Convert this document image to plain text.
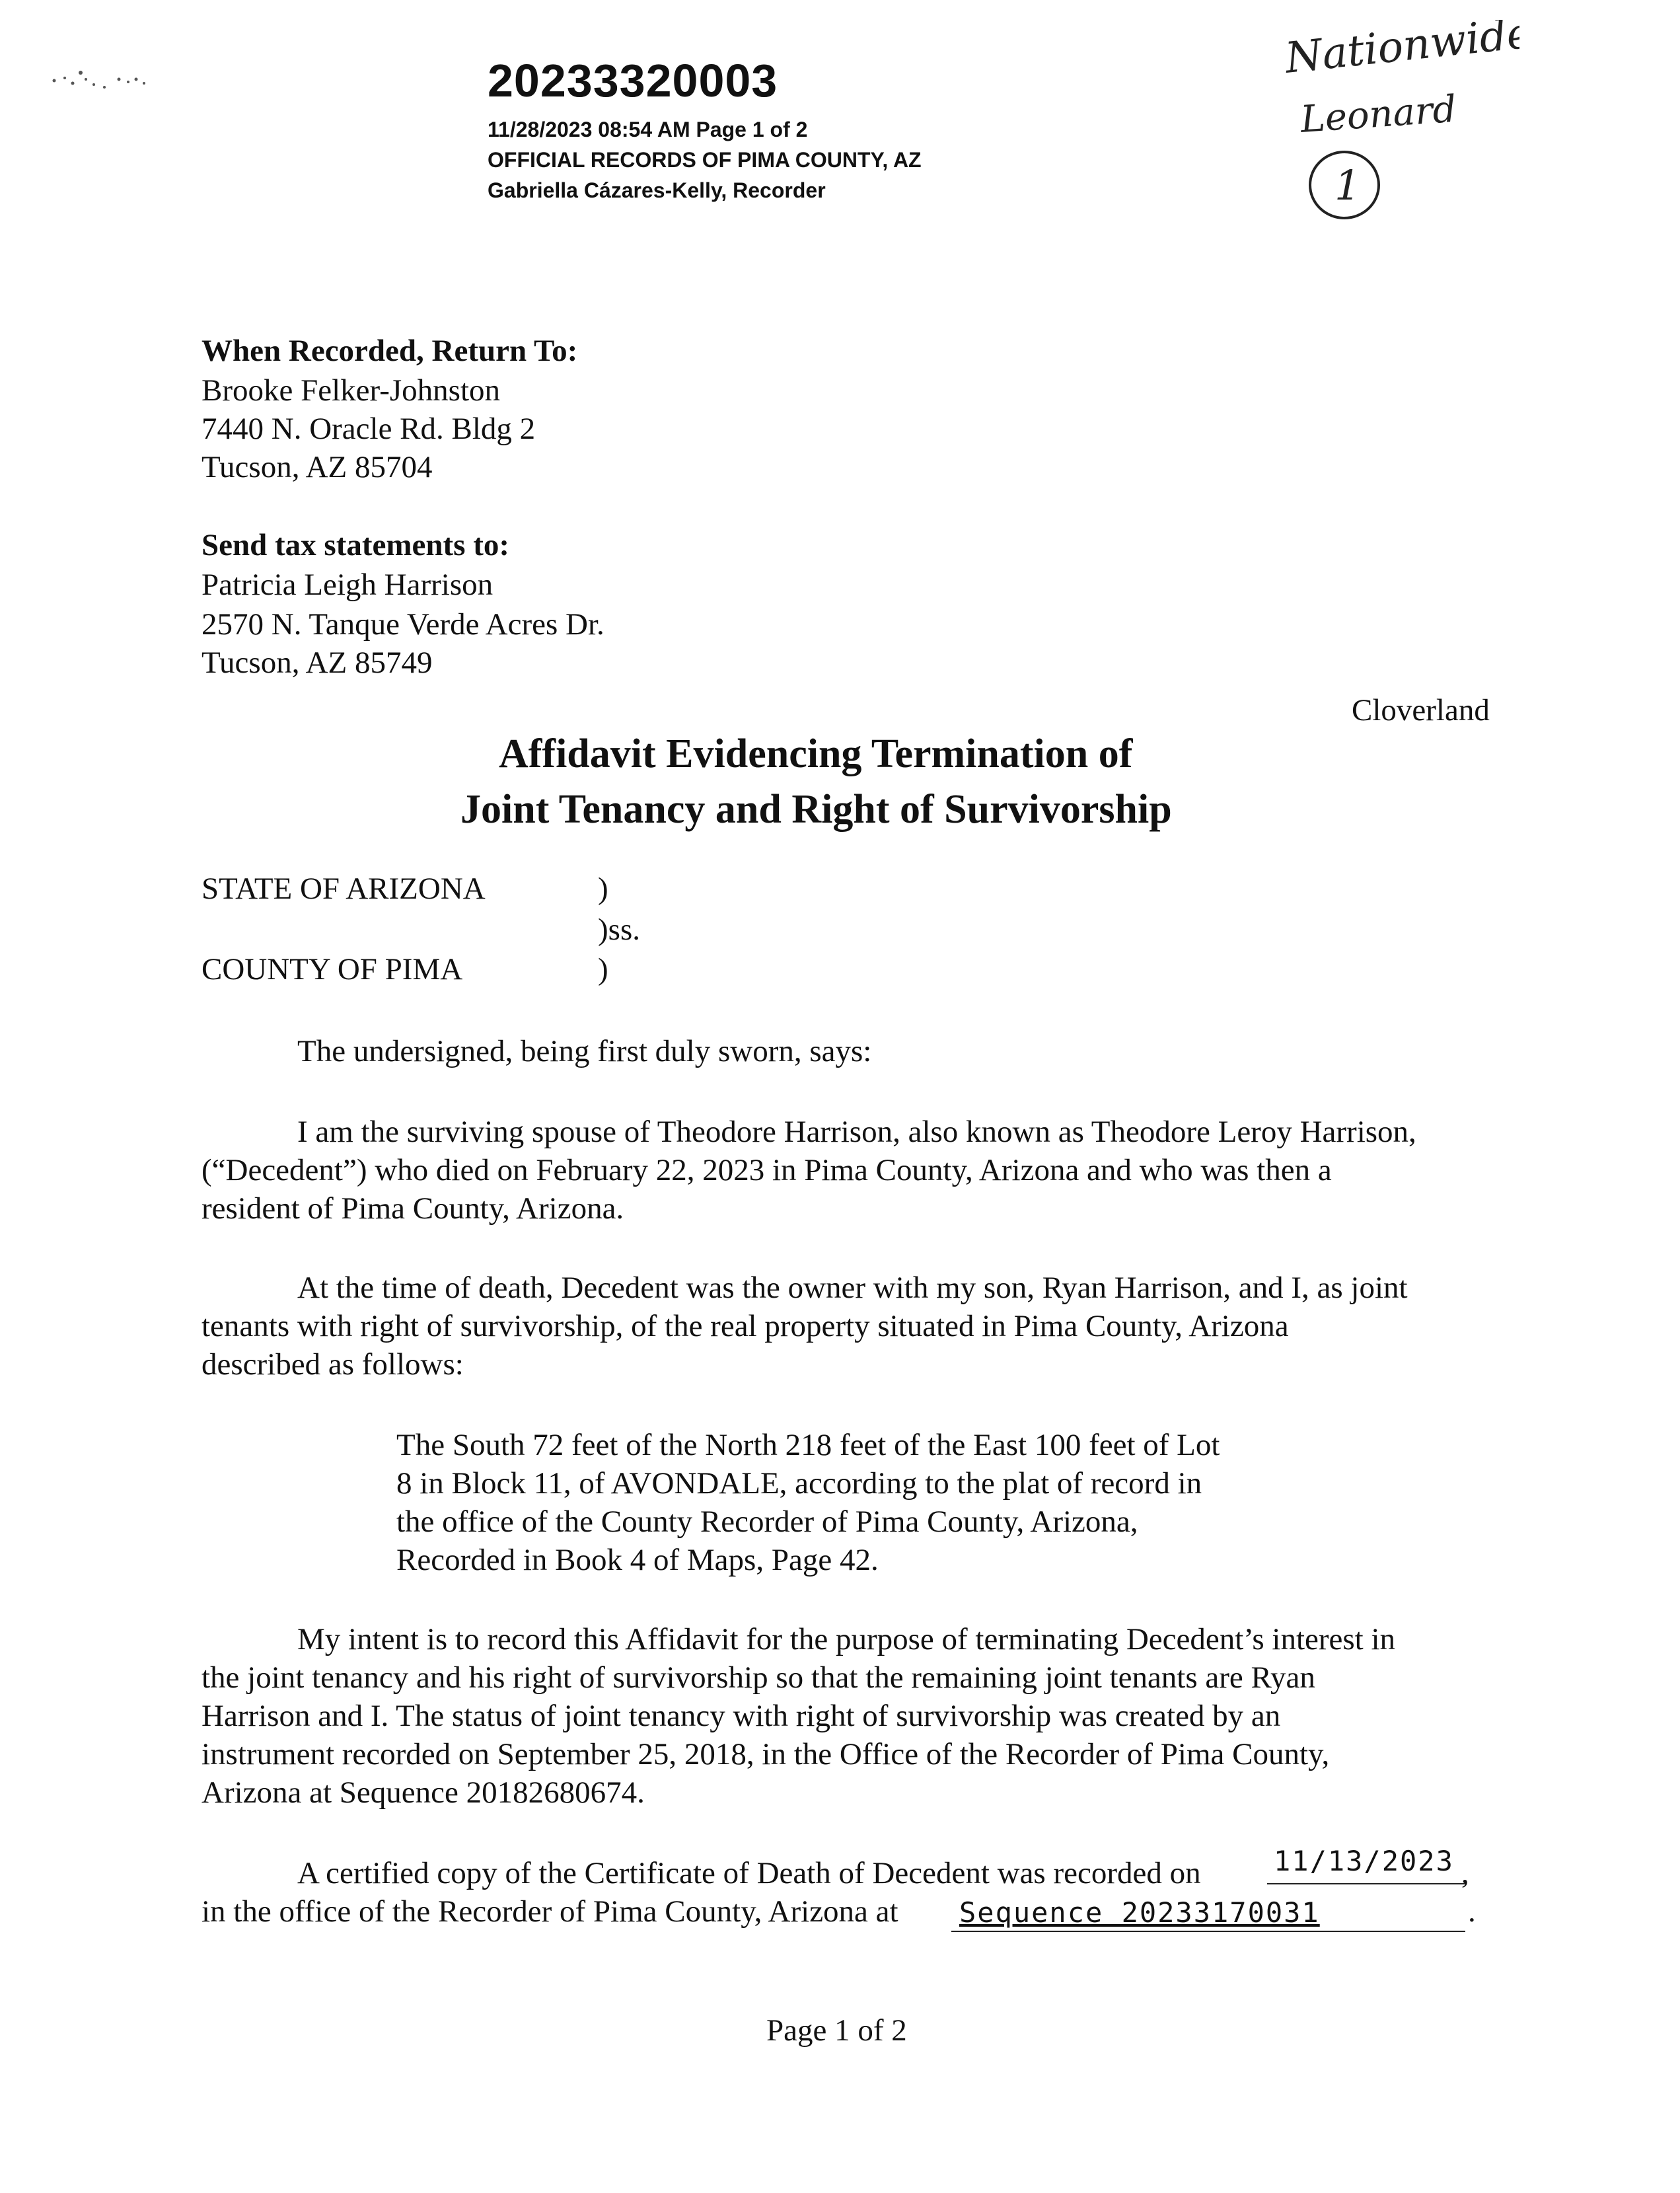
20233320003
11/28/2023 08:54 AM Page 1 of 2
OFFICIAL RECORDS OF PIMA COUNTY, AZ
Gabriella Cázares-Kelly, Recorder
Nationwide
Leonard
1
When Recorded, Return To:
Brooke Felker-Johnston
7440 N. Oracle Rd. Bldg 2
Tucson, AZ 85704
Send tax statements to:
Patricia Leigh Harrison
2570 N. Tanque Verde Acres Dr.
Tucson, AZ 85749
Cloverland
Affidavit Evidencing Termination of
Joint Tenancy and Right of Survivorship
STATE OF ARIZONA	)
)ss.
COUNTY OF PIMA	)
The undersigned, being first duly sworn, says:
I am the surviving spouse of Theodore Harrison, also known as Theodore Leroy Harrison,
(“Decedent”) who died on February 22, 2023 in Pima County, Arizona and who was then a
resident of Pima County, Arizona.
At the time of death, Decedent was the owner with my son, Ryan Harrison, and I, as joint
tenants with right of survivorship, of the real property situated in Pima County, Arizona
described as follows:
The South 72 feet of the North 218 feet of the East 100 feet of Lot
8 in Block 11, of AVONDALE, according to the plat of record in
the office of the County Recorder of Pima County, Arizona,
Recorded in Book 4 of Maps, Page 42.
My intent is to record this Affidavit for the purpose of terminating Decedent’s interest in
the joint tenancy and his right of survivorship so that the remaining joint tenants are Ryan
Harrison and I. The status of joint tenancy with right of survivorship was created by an
instrument recorded on September 25, 2018, in the Office of the Recorder of Pima County,
Arizona at Sequence 20182680674.
A certified copy of the Certificate of Death of Decedent was recorded on	11/13/2023 ,
in the office of the Recorder of Pima County, Arizona at Sequence 20233170031	.
Page 1 of 2
